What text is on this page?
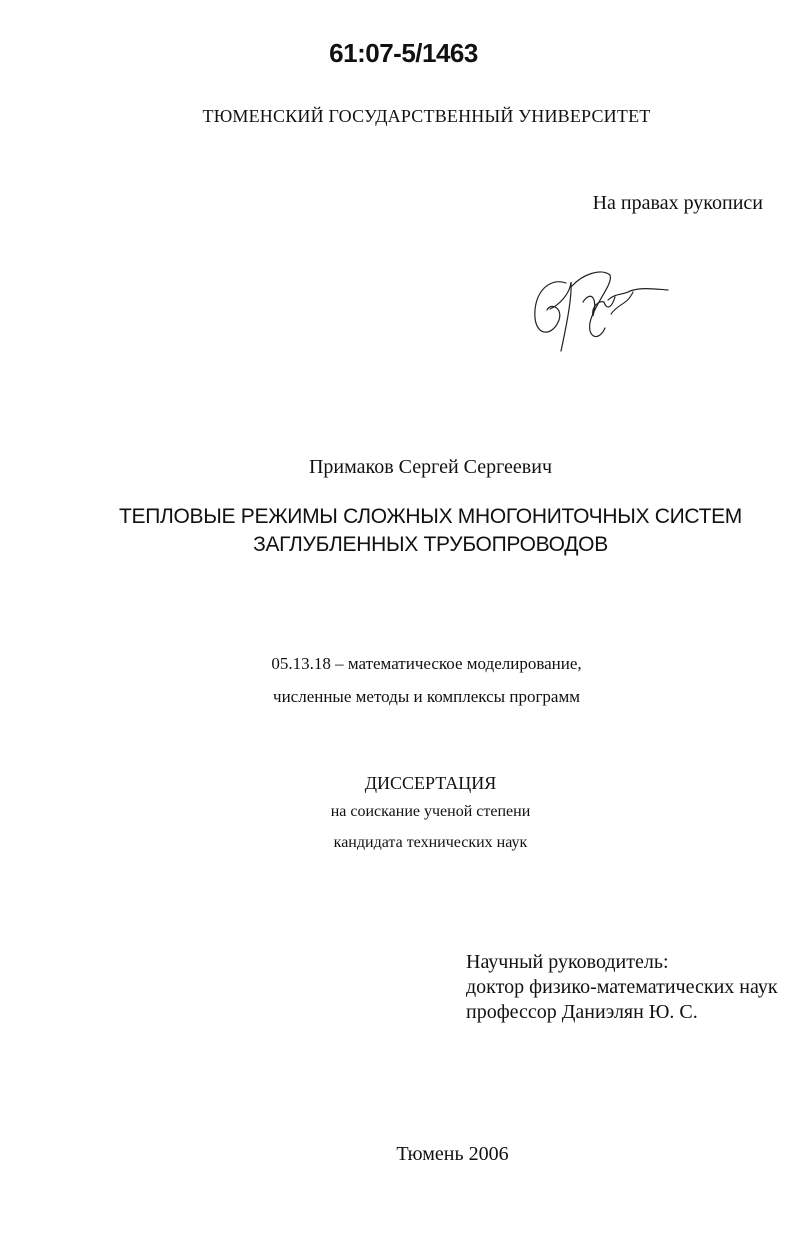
61:07-5/1463
ТЮМЕНСКИЙ ГОСУДАРСТВЕННЫЙ УНИВЕРСИТЕТ
На правах рукописи
Примаков Сергей Сергеевич
ТЕПЛОВЫЕ РЕЖИМЫ СЛОЖНЫХ МНОГОНИТОЧНЫХ СИСТЕМ
ЗАГЛУБЛЕННЫХ ТРУБОПРОВОДОВ
05.13.18 – математическое моделирование,
численные методы и комплексы программ
ДИССЕРТАЦИЯ
на соискание ученой степени
кандидата технических наук
Научный руководитель:
доктор физико-математических наук
профессор Даниэлян Ю. С.
Тюмень 2006
